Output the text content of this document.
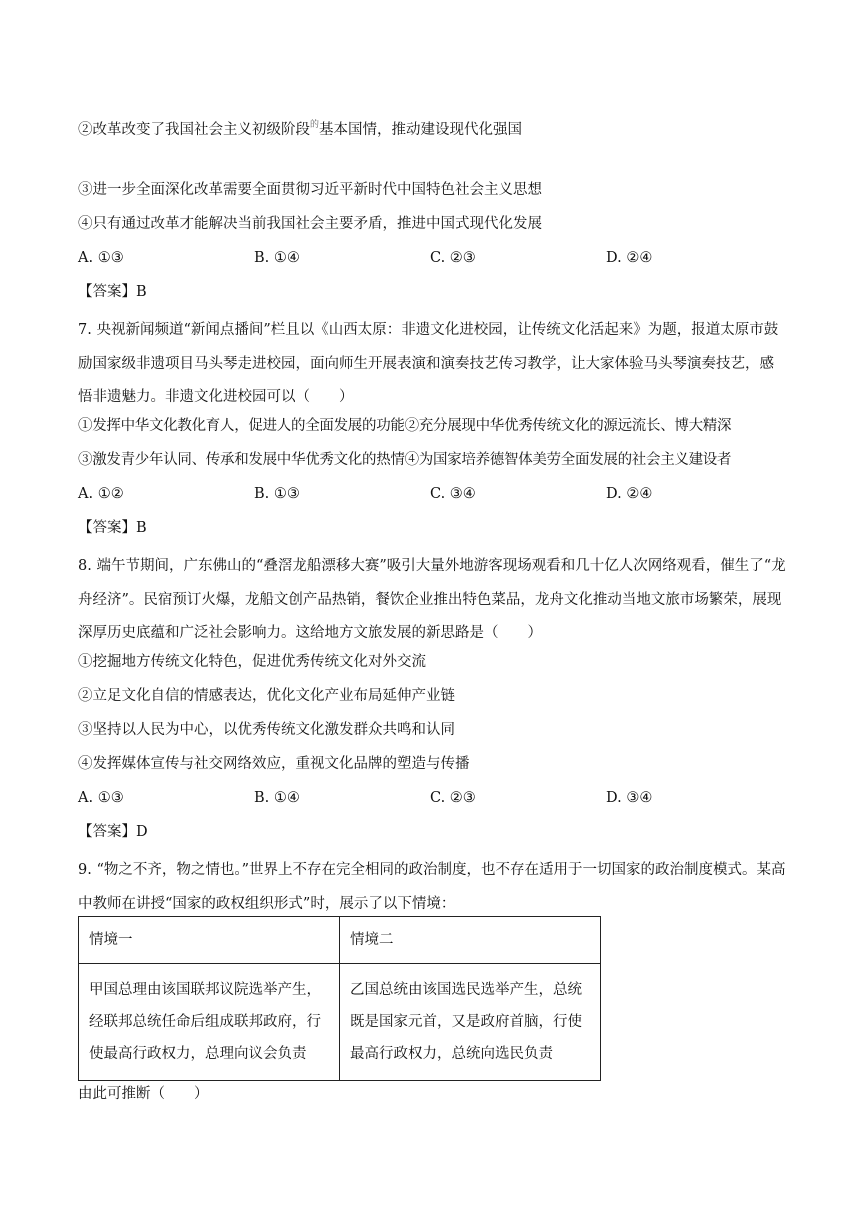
②改革改变了我国社会主义初级阶段$^的$基本国情，推动建设现代化强国
③进一步全面深化改革需要全面贯彻习近平新时代中国特色社会主义思想
④只有通过改革才能解决当前我国社会主要矛盾，推进中国式现代化发展
A. ①③	B. ①④	C. ②③	D. ②④
【答案】B
7. 央视新闻频道“新闻点播间”栏且以《山西太原：非遗文化进校园，让传统文化活起来》为题，报道太原市鼓励国家级非遗项目马头琴走进校园，面向师生开展表演和演奏技艺传习教学，让大家体验马头琴演奏技艺，感悟非遗魅力。非遗文化进校园可以（　　）
①发挥中华文化教化育人，促进人的全面发展的功能②充分展现中华优秀传统文化的源远流长、博大精深
③激发青少年认同、传承和发展中华优秀文化的热情④为国家培养德智体美劳全面发展的社会主义建设者
A. ①②	B. ①③	C. ③④	D. ②④
【答案】B
8. 端午节期间，广东佛山的“叠滘龙船漂移大赛”吸引大量外地游客现场观看和几十亿人次网络观看，催生了“龙舟经济”。民宿预订火爆，龙船文创产品热销，餐饮企业推出特色菜品，龙舟文化推动当地文旅市场繁荣，展现深厚历史底蕴和广泛社会影响力。这给地方文旅发展的新思路是（　　）
①挖掘地方传统文化特色，促进优秀传统文化对外交流
②立足文化自信的情感表达，优化文化产业布局延伸产业链
③坚持以人民为中心，以优秀传统文化激发群众共鸣和认同
④发挥媒体宣传与社交网络效应，重视文化品牌的塑造与传播
A. ①③	B. ①④	C. ②③	D. ③④
【答案】D
9. “物之不齐，物之情也。”世界上不存在完全相同的政治制度，也不存在适用于一切国家的政治制度模式。某高中教师在讲授“国家的政权组织形式”时，展示了以下情境：
情境一	情境二
甲国总理由该国联邦议院选举产生，经联邦总统任命后组成联邦政府，行使最高行政权力，总理向议会负责	乙国总统由该国选民选举产生，总统既是国家元首，又是政府首脑，行使最高行政权力，总统向选民负责
由此可推断（　　）
